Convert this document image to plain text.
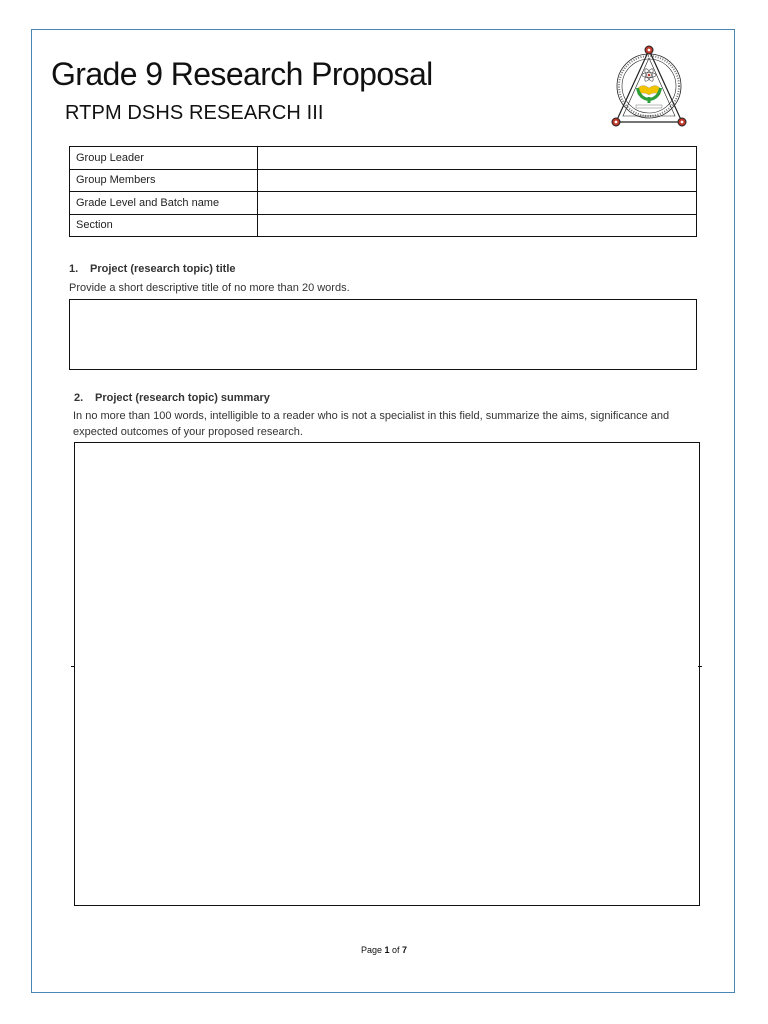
Grade 9 Research Proposal
RTPM DSHS RESEARCH III
Group Leader	
Group Members	
Grade Level and Batch name	
Section	

1. Project (research topic) title

Provide a short descriptive title of no more than 20 words.

2. Project (research topic) summary

In no more than 100 words, intelligible to a reader who is not a specialist in this field, summarize the aims, significance and expected outcomes of your proposed research.

Page 1 of 7
